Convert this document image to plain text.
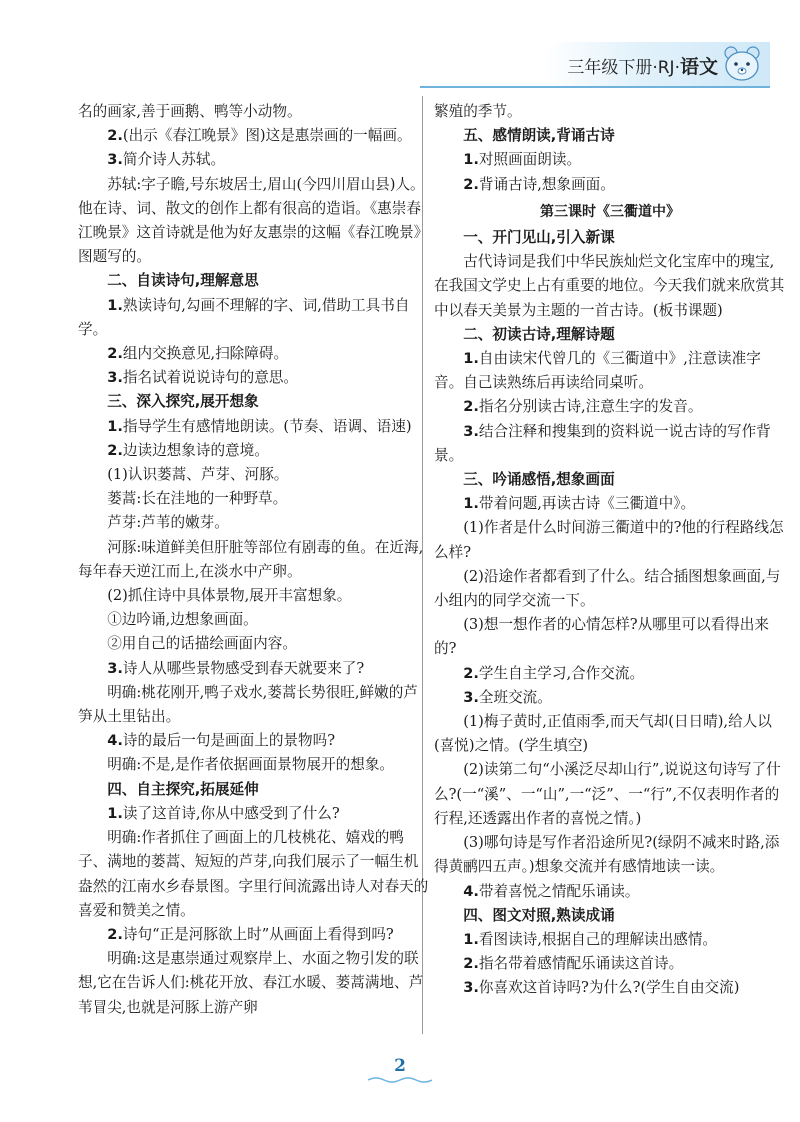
三年级下册·RJ·语文

名的画家,善于画鹅、鸭等小动物。

2.(出示《春江晚景》图)这是惠崇画的一幅画。

3.简介诗人苏轼。

苏轼:字子瞻,号东坡居士,眉山(今四川眉山县)人。他在诗、词、散文的创作上都有很高的造诣。《惠崇春江晚景》这首诗就是他为好友惠崇的这幅《春江晚景》图题写的。

二、自读诗句,理解意思

1.熟读诗句,勾画不理解的字、词,借助工具书自学。

2.组内交换意见,扫除障碍。

3.指名试着说说诗句的意思。

三、深入探究,展开想象

1.指导学生有感情地朗读。(节奏、语调、语速)

2.边读边想象诗的意境。

(1)认识蒌蒿、芦芽、河豚。

蒌蒿:长在洼地的一种野草。

芦芽:芦苇的嫩芽。

河豚:味道鲜美但肝脏等部位有剧毒的鱼。在近海,每年春天逆江而上,在淡水中产卵。

(2)抓住诗中具体景物,展开丰富想象。

①边吟诵,边想象画面。

②用自己的话描绘画面内容。

3.诗人从哪些景物感受到春天就要来了?

明确:桃花刚开,鸭子戏水,蒌蒿长势很旺,鲜嫩的芦笋从土里钻出。

4.诗的最后一句是画面上的景物吗?

明确:不是,是作者依据画面景物展开的想象。

四、自主探究,拓展延伸

1.读了这首诗,你从中感受到了什么?

明确:作者抓住了画面上的几枝桃花、嬉戏的鸭子、满地的蒌蒿、短短的芦芽,向我们展示了一幅生机盎然的江南水乡春景图。字里行间流露出诗人对春天的喜爱和赞美之情。

2.诗句“正是河豚欲上时”从画面上看得到吗?

明确:这是惠崇通过观察岸上、水面之物引发的联想,它在告诉人们:桃花开放、春江水暖、蒌蒿满地、芦苇冒尖,也就是河豚上游产卵

繁殖的季节。

五、感情朗读,背诵古诗

1.对照画面朗读。

2.背诵古诗,想象画面。

第三课时《三衢道中》

一、开门见山,引入新课

古代诗词是我们中华民族灿烂文化宝库中的瑰宝,在我国文学史上占有重要的地位。今天我们就来欣赏其中以春天美景为主题的一首古诗。(板书课题)

二、初读古诗,理解诗题

1.自由读宋代曾几的《三衢道中》,注意读准字音。自己读熟练后再读给同桌听。

2.指名分别读古诗,注意生字的发音。

3.结合注释和搜集到的资料说一说古诗的写作背景。

三、吟诵感悟,想象画面

1.带着问题,再读古诗《三衢道中》。

(1)作者是什么时间游三衢道中的?他的行程路线怎么样?

(2)沿途作者都看到了什么。结合插图想象画面,与小组内的同学交流一下。

(3)想一想作者的心情怎样?从哪里可以看得出来的?

2.学生自主学习,合作交流。

3.全班交流。

(1)梅子黄时,正值雨季,而天气却(日日晴),给人以(喜悦)之情。(学生填空)

(2)读第二句“小溪泛尽却山行”,说说这句诗写了什么?(一“溪”、一“山”,一“泛”、一“行”,不仅表明作者的行程,还透露出作者的喜悦之情。)

(3)哪句诗是写作者沿途所见?(绿阴不减来时路,添得黄鹂四五声。)想象交流并有感情地读一读。

4.带着喜悦之情配乐诵读。

四、图文对照,熟读成诵

1.看图读诗,根据自己的理解读出感情。

2.指名带着感情配乐诵读这首诗。

3.你喜欢这首诗吗?为什么?(学生自由交流)

2
